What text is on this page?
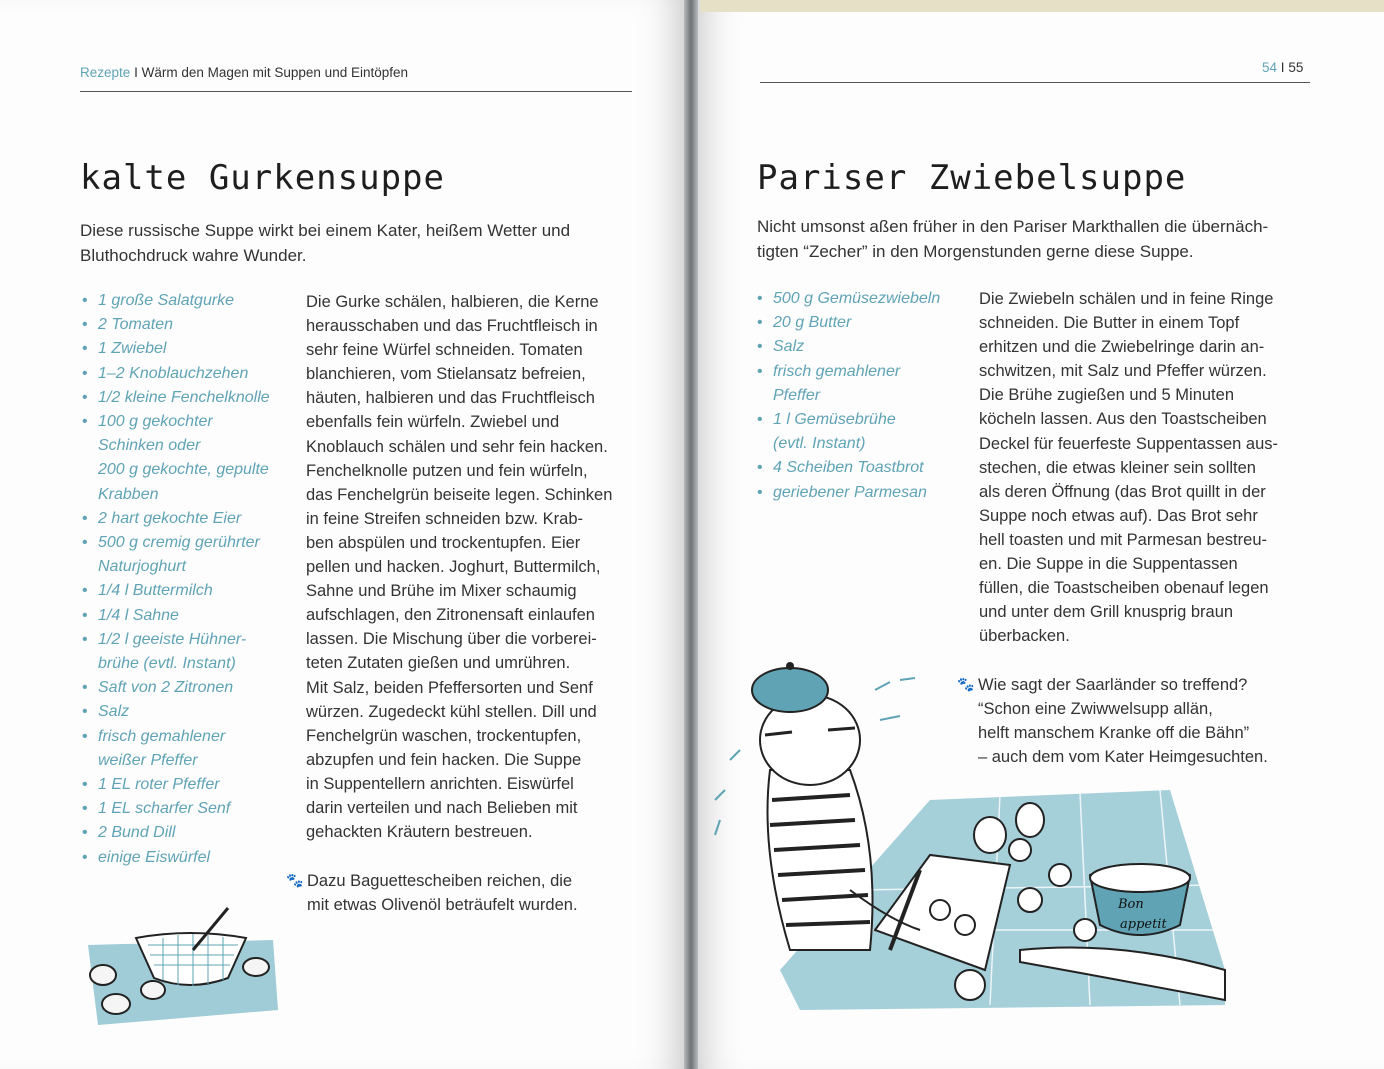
Rezepte I Wärm den Magen mit Suppen und Eintöpfen
kalte Gurkensuppe
Diese russische Suppe wirkt bei einem Kater, heißem Wetter und
Bluthochdruck wahre Wunder.
• 1 große Salatgurke
• 2 Tomaten
• 1 Zwiebel
• 1–2 Knoblauchzehen
• 1/2 kleine Fenchelknolle
• 100 g gekochter
Schinken oder
200 g gekochte, gepulte
Krabben
• 2 hart gekochte Eier
• 500 g cremig gerührter
Naturjoghurt
• 1/4 l Buttermilch
• 1/4 l Sahne
• 1/2 l geeiste Hühner-
brühe (evtl. Instant)
• Saft von 2 Zitronen
• Salz
• frisch gemahlener
weißer Pfeffer
• 1 EL roter Pfeffer
• 1 EL scharfer Senf
• 2 Bund Dill
• einige Eiswürfel
Die Gurke schälen, halbieren, die Kerne
herausschaben und das Fruchtfleisch in
sehr feine Würfel schneiden. Tomaten
blanchieren, vom Stielansatz befreien,
häuten, halbieren und das Fruchtfleisch
ebenfalls fein würfeln. Zwiebel und
Knoblauch schälen und sehr fein hacken.
Fenchelknolle putzen und fein würfeln,
das Fenchelgrün beiseite legen. Schinken
in feine Streifen schneiden bzw. Krab-
ben abspülen und trockentupfen. Eier
pellen und hacken. Joghurt, Buttermilch,
Sahne und Brühe im Mixer schaumig
aufschlagen, den Zitronensaft einlaufen
lassen. Die Mischung über die vorberei-
teten Zutaten gießen und umrühren.
Mit Salz, beiden Pfeffersorten und Senf
würzen. Zugedeckt kühl stellen. Dill und
Fenchelgrün waschen, trockentupfen,
abzupfen und fein hacken. Die Suppe
in Suppentellern anrichten. Eiswürfel
darin verteilen und nach Belieben mit
gehackten Kräutern bestreuen.
🐾 Dazu Baguettescheiben reichen, die
mit etwas Olivenöl beträufelt wurden.
54 I 55
Pariser Zwiebelsuppe
Nicht umsonst aßen früher in den Pariser Markthallen die übernäch-
tigten “Zecher” in den Morgenstunden gerne diese Suppe.
• 500 g Gemüsezwiebeln
• 20 g Butter
• Salz
• frisch gemahlener
Pfeffer
• 1 l Gemüsebrühe
(evtl. Instant)
• 4 Scheiben Toastbrot
• geriebener Parmesan
Die Zwiebeln schälen und in feine Ringe
schneiden. Die Butter in einem Topf
erhitzen und die Zwiebelringe darin an-
schwitzen, mit Salz und Pfeffer würzen.
Die Brühe zugießen und 5 Minuten
köcheln lassen. Aus den Toastscheiben
Deckel für feuerfeste Suppentassen aus-
stechen, die etwas kleiner sein sollten
als deren Öffnung (das Brot quillt in der
Suppe noch etwas auf). Das Brot sehr
hell toasten und mit Parmesan bestreu-
en. Die Suppe in die Suppentassen
füllen, die Toastscheiben obenauf legen
und unter dem Grill knusprig braun
überbacken.
🐾 Wie sagt der Saarländer so treffend?
“Schon eine Zwiwwelsupp allän,
helft manschem Kranke off die Bähn”
– auch dem vom Kater Heimgesuchten.
Bon
appetit
